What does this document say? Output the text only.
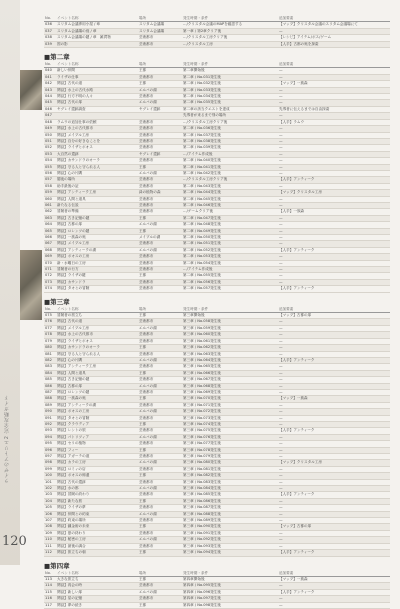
ライザのアトリエ2 完全攻略ガイド
120
No.	イベント名称	場所	発生時期・条件	追加要素
036	スリタム会議専用小屋 / 章	スリタム会議場	…/クリスタル会議のMAPを確認する	【マップ】クリスタル会議のスリタム会議場にて
037	スリタム会議場の庭 / 章	スリタム会議場	第一章 / 第2章クリア後	—
038	スリタム会議場の鍵 / 章　雑貨物	芸術都市	…/クリスタル工房クリア後	【レシピ】アイテム/ボス/ゲーム
039	図の影	芸術都市	…/クリスタル工房	【人手】古都の奥を探索
■第二章
No.	イベント名称	場所	発生時期・条件	追加要素
040	新しい仲間	王都	第二章開始後	—
041	ライザの仕事	芸術都市	第二章 / No.031発生後	—
042	関話】古代の道	王都	第二章 / No.032発生後	【マップ】一族森
043	関話】水上の古代水路	エルバの湖	第二章 / No.033発生後	—
044	関話】行方不明の人々	芸術都市	第二章 / No.034発生後	—
045	関話】古代の扉	エルバの湖	第二章 / No.035発生後	—
046	ヤグレイ遺跡調査	ヤグレイ遺跡	第二章の該当クエストを達成	先導者に伝えるまでは自由探索
047			先導者が来るまで別の場所	—
048	ラムウの追加仕事の依頼	芸術都市	…/クリスタル工房クリア後	【人手】ラムウ
049	関話】水上の古代都市	芸術都市	第二章 / No.036発生後	—
050	関話】メイプル工房	芸術都市	第二章 / No.037発生後	—
051	関話】自分の好きなことを	芸術都市	第二章 / No.038発生後	—
052	関話】ライザとボオス	芸術都市	第二章 / No.039発生後	—
053	大自然の遺跡	ヤグレイ遺跡	…/アイテム作成後	—
054	関話】カサンドラのオーラ	芸術都市	第二章 / No.040発生後	—
055	関話】守る人と守られる人	王都	第二章 / No.041発生後	—
056	関話】心の片隅	エルバの湖	第二章 / No.042発生後	—
057	闇夜の場所	芸術都市	…/クリスタル工房クリア後	【人手】アンティーク
058	助手最後の証	芸術都市	第二章 / No.043発生後	—
059	関話】アンティーク工房	緑の植物の森	第二章 / No.044発生後	【マップ】クリスタル工房
060	関話】人間と道具	芸術都市	第二章 / No.045発生後	—
061	新たなる伝説	芸術都市	第二章 / No.046発生後	—
062	冒険者の準備	芸術都市	…/ゲームクリア後	【人手】一族森
063	関話】古き記憶の鍵	王都	第二章 / No.047発生後	—
064	関話】古都の扉	エルバの湖	第二章 / No.048発生後	—
065	関話】ロレンツの鍵	王都	第二章 / No.049発生後	—
066	関話】一族森の奥	メイプルの湖	第二章 / No.050発生後	—
067	関話】メイプル工房	芸術都市	第二章 / No.051発生後	—
068	関話】アンティークの湖	エルバの湖	第二章 / No.052発生後	【人手】アンティーク
069	関話】ボオスの工房	芸術都市	第二章 / No.053発生後	—
070	新・水曜日の工房	芸術都市	第二章 / No.054発生後	—
071	冒険者の行方	芸術都市	…/アイテム作成後	—
072	関話】ライザの鍵	王都	第二章 / No.055発生後	—
073	関話】カサンドラ	芸術都市	第二章 / No.056発生後	—
074	関話】タオとの冒険	芸術都市	第二章 / No.057発生後	【人手】アンティーク
■第三章
No.	イベント名称	場所	発生時期・条件	追加要素
075	冒険者の旅立ち	王都	第三章開始後	【マップ】古都の扉
076	関話】古代の道	芸術都市	第三章 / No.058発生後	—
077	関話】メイプル工房	エルバの湖	第三章 / No.059発生後	—
078	関話】水上の古代都市	芸術都市	第三章 / No.060発生後	—
079	関話】ライザとボオス	芸術都市	第三章 / No.061発生後	—
080	関話】カサンドラのオーラ	王都	第三章 / No.062発生後	—
081	関話】守る人と守られる人	芸術都市	第三章 / No.063発生後	—
082	関話】心の片隅	エルバの湖	第三章 / No.064発生後	【人手】アンティーク
083	関話】アンティーク工房	芸術都市	第三章 / No.065発生後	—
084	関話】人間と道具	王都	第三章 / No.066発生後	—
085	関話】古き記憶の鍵	芸術都市	第三章 / No.067発生後	—
086	関話】古都の扉	エルバの湖	第三章 / No.068発生後	—
087	関話】ロレンツの鍵	芸術都市	第三章 / No.069発生後	—
088	関話】一族森の奥	王都	第三章 / No.070発生後	【マップ】一族森
089	関話】アンティークの湖	芸術都市	第三章 / No.071発生後	—
090	関話】ボオスの工房	エルバの湖	第三章 / No.072発生後	—
091	関話】タオとの冒険	芸術都市	第三章 / No.073発生後	—
092	関話】クラウディア	王都	第三章 / No.074発生後	—
093	関話】レントの旅	芸術都市	第三章 / No.075発生後	【人手】アンティーク
094	関話】パトリツィア	エルバの湖	第三章 / No.076発生後	—
095	関話】セリの植物	芸術都市	第三章 / No.077発生後	—
096	関話】フィー	王都	第三章 / No.078発生後	—
097	関話】アガーテの道	芸術都市	第三章 / No.079発生後	—
098	関話】カラの工房	エルバの湖	第三章 / No.080発生後	【マップ】クリスタル工房
099	関話】ロミィの店	芸術都市	第三章 / No.081発生後	—
100	関話】ボオスの帰還	王都	第三章 / No.082発生後	—
101	関話】古代の遺跡	芸術都市	第三章 / No.083発生後	—
102	関話】水の都	エルバの湖	第三章 / No.084発生後	—
103	関話】冒険の終わり	芸術都市	第三章 / No.085発生後	【人手】アンティーク
104	関話】新たな旅	王都	第三章 / No.086発生後	—
105	関話】ライザの夢	芸術都市	第三章 / No.087発生後	—
106	関話】仲間との約束	エルバの湖	第三章 / No.088発生後	—
107	関話】約束の場所	芸術都市	第三章 / No.089発生後	—
108	関話】錬金術の未来	王都	第三章 / No.090発生後	【マップ】古都の扉
109	関話】夏の終わり	芸術都市	第三章 / No.091発生後	—
110	関話】秘密の工房	エルバの湖	第三章 / No.092発生後	—
111	関話】最後の調合	芸術都市	第三章 / No.093発生後	—
112	関話】旅立ちの朝	王都	第三章 / No.094発生後	【人手】アンティーク
■第四章
No.	イベント名称	場所	発生時期・条件	追加要素
113	大きな旅立ち	王都	第四章開始後	【マップ】一族森
114	関話】再会の時	芸術都市	第四章 / No.095発生後	—
115	関話】新しい扉	エルバの湖	第四章 / No.096発生後	【人手】アンティーク
116	関話】星の記憶	芸術都市	第四章 / No.097発生後	—
117	関話】夢の続き	王都	第四章 / No.098発生後	—
